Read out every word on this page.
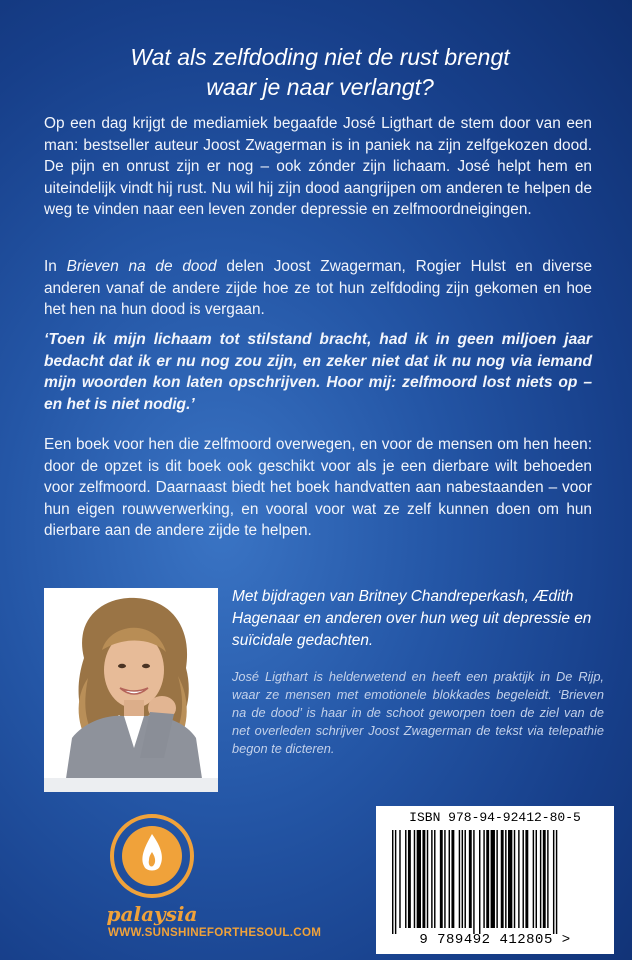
Wat als zelfdoding niet de rust brengt waar je naar verlangt?

Op een dag krijgt de mediamiek begaafde José Ligthart de stem door van een man: bestseller auteur Joost Zwagerman is in paniek na zijn zelfgekozen dood. De pijn en onrust zijn er nog – ook zónder zijn lichaam. José helpt hem en uiteindelijk vindt hij rust. Nu wil hij zijn dood aangrijpen om anderen te helpen de weg te vinden naar een leven zonder depressie en zelfmoordneigingen.

In Brieven na de dood delen Joost Zwagerman, Rogier Hulst en diverse anderen vanaf de andere zijde hoe ze tot hun zelfdoding zijn gekomen en hoe het hen na hun dood is vergaan.

‘Toen ik mijn lichaam tot stilstand bracht, had ik in geen miljoen jaar bedacht dat ik er nu nog zou zijn, en zeker niet dat ik nu nog via iemand mijn woorden kon laten opschrijven. Hoor mij: zelfmoord lost niets op – en het is niet nodig.’

Een boek voor hen die zelfmoord overwegen, en voor de mensen om hen heen: door de opzet is dit boek ook geschikt voor als je een dierbare wilt behoeden voor zelfmoord. Daarnaast biedt het boek handvatten aan nabestaanden – voor hun eigen rouwverwerking, en vooral voor wat ze zelf kunnen doen om hun dierbare aan de andere zijde te helpen.

Met bijdragen van Britney Chandreperkash, Ædith Hagenaar en anderen over hun weg uit depressie en suïcidale gedachten.
José Ligthart is helderwetend en heeft een praktijk in De Rijp, waar ze mensen met emotionele blokkades begeleidt. ‘Brieven na de dood’ is haar in de schoot geworpen toen de ziel van de net overleden schrijver Joost Zwagerman de tekst via telepathie begon te dicteren.
ISBN 978-94-92412-80-5
9 789492 412805 >
palaysia
WWW.SUNSHINEFORTHESOUL.COM
